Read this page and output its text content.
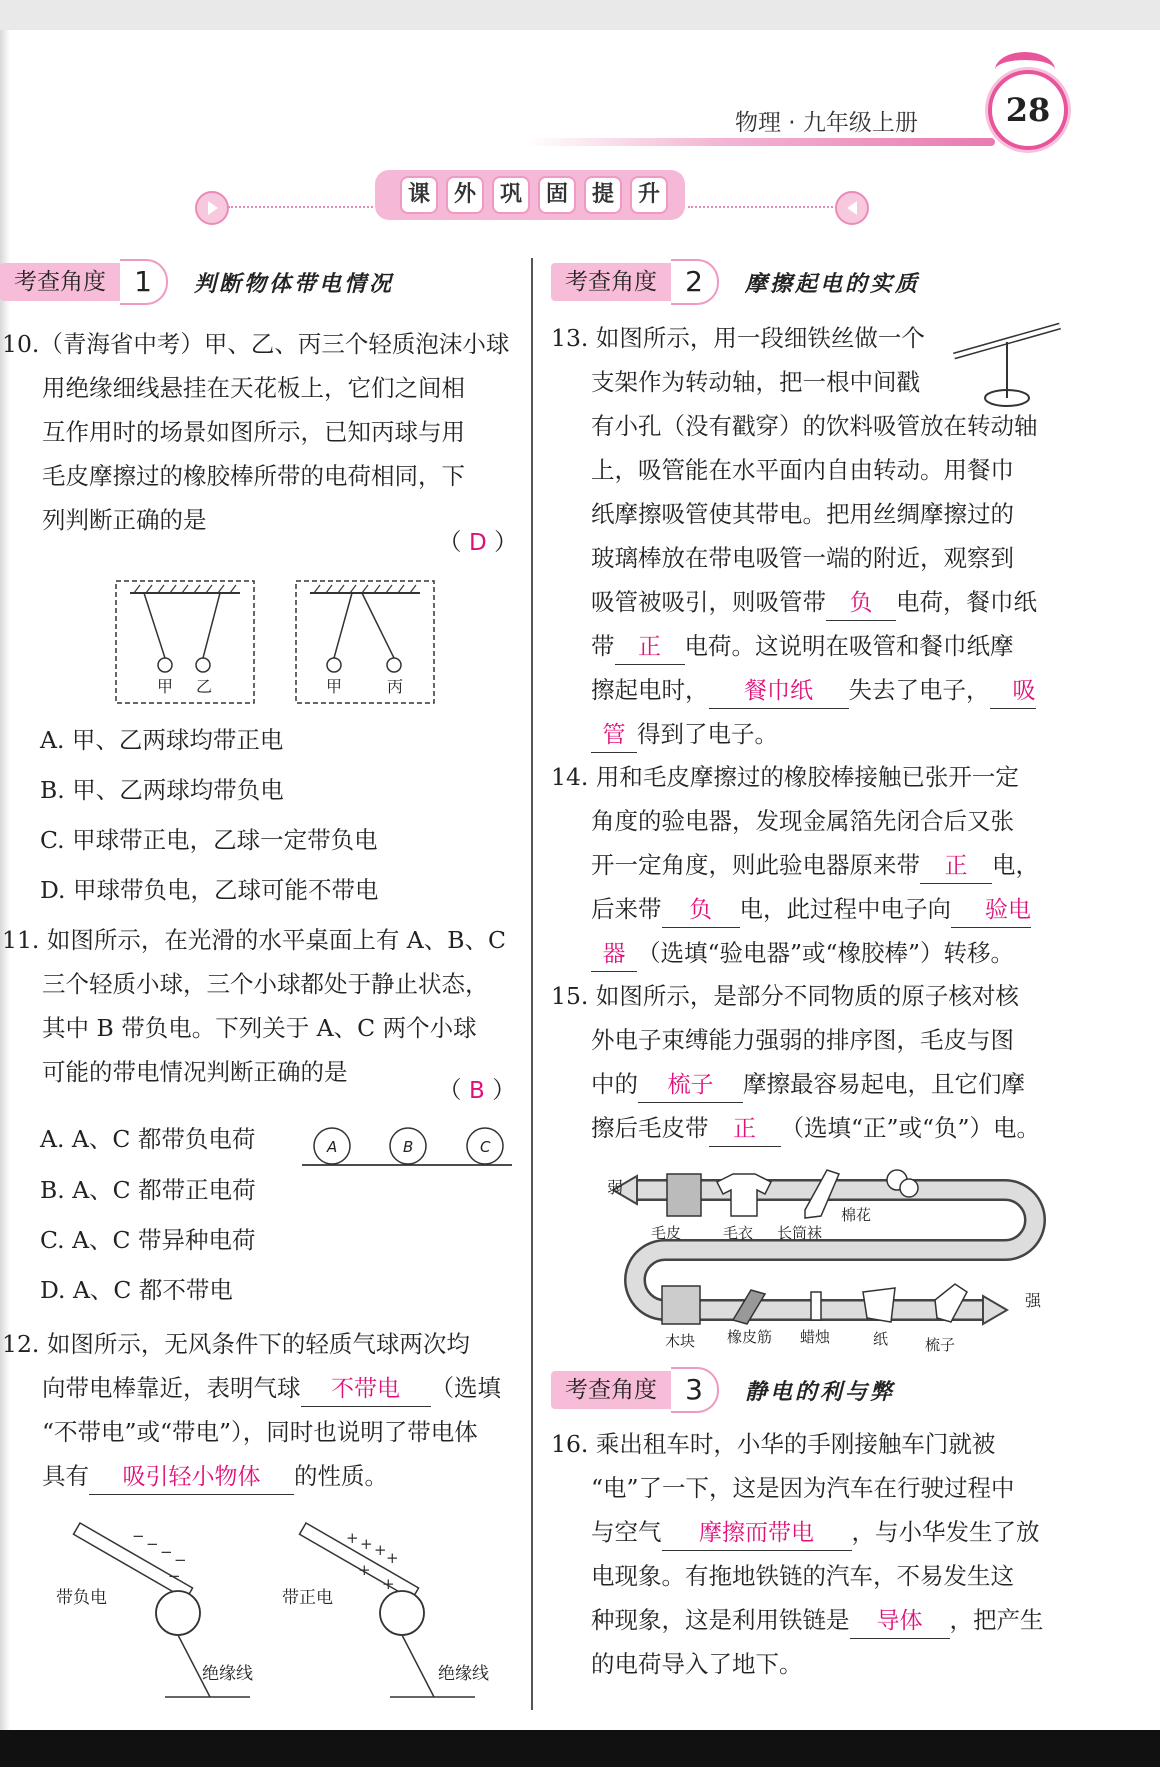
物理 · 九年级上册	28
课	外	巩	固	提	升
考查角度	1	判断物体带电情况

10.（青海省中考）甲、乙、丙三个轻质泡沫小球

用绝缘细线悬挂在天花板上，它们之间相

互作用时的场景如图所示，已知丙球与用

毛皮摩擦过的橡胶棒所带的电荷相同，下

列判断正确的是

（ D ）
甲 乙	甲	丙
A. 甲、乙两球均带正电
B. 甲、乙两球均带负电
C. 甲球带正电，乙球一定带负电
D. 甲球带负电，乙球可能不带电

11. 如图所示，在光滑的水平桌面上有 A、B、C

三个轻质小球，三个小球都处于静止状态，

其中 B 带负电。下列关于 A、C 两个小球

可能的带电情况判断正确的是

（ B ）
A. A、C 都带负电荷
B. A、C 都带正电荷
C. A、C 带异种电荷
D. A、C 都不带电
A	B	C

12. 如图所示，无风条件下的轻质气球两次均

向带电棒靠近，表明气球 不带电 （选填

“不带电”或“带电”），同时也说明了带电体

具有 吸引轻小物体 的性质。

− − − −
−
带负电
绝缘线
+ + + +
+
+
带正电
绝缘线
考查角度	2	摩擦起电的实质

13. 如图所示，用一段细铁丝做一个

支架作为转动轴，把一根中间戳

有小孔（没有戳穿）的饮料吸管放在转动轴

上，吸管能在水平面内自由转动。用餐巾

纸摩擦吸管使其带电。把用丝绸摩擦过的

玻璃棒放在带电吸管一端的附近，观察到

吸管被吸引，则吸管带 负 电荷，餐巾纸

带 正 电荷。这说明在吸管和餐巾纸摩

擦起电时， 餐巾纸 失去了电子， 吸

管 得到了电子。

14. 用和毛皮摩擦过的橡胶棒接触已张开一定

角度的验电器，发现金属箔先闭合后又张

开一定角度，则此验电器原来带 正 电，

后来带 负 电，此过程中电子向 验电

器 （选填“验电器”或“橡胶棒”）转移。

15. 如图所示，是部分不同物质的原子核对核

外电子束缚能力强弱的排序图，毛皮与图

中的 梳子 摩擦最容易起电，且它们摩

擦后毛皮带 正 （选填“正”或“负”）电。

弱
强
毛皮	毛衣 长筒袜
棉花
木块 橡皮筋 蜡烛	纸 梳子
考查角度	3	静电的利与弊

16. 乘出租车时，小华的手刚接触车门就被

“电”了一下，这是因为汽车在行驶过程中

与空气 摩擦而带电 ，与小华发生了放

电现象。有拖地铁链的汽车，不易发生这

种现象，这是利用铁链是 导体 ，把产生

的电荷导入了地下。
